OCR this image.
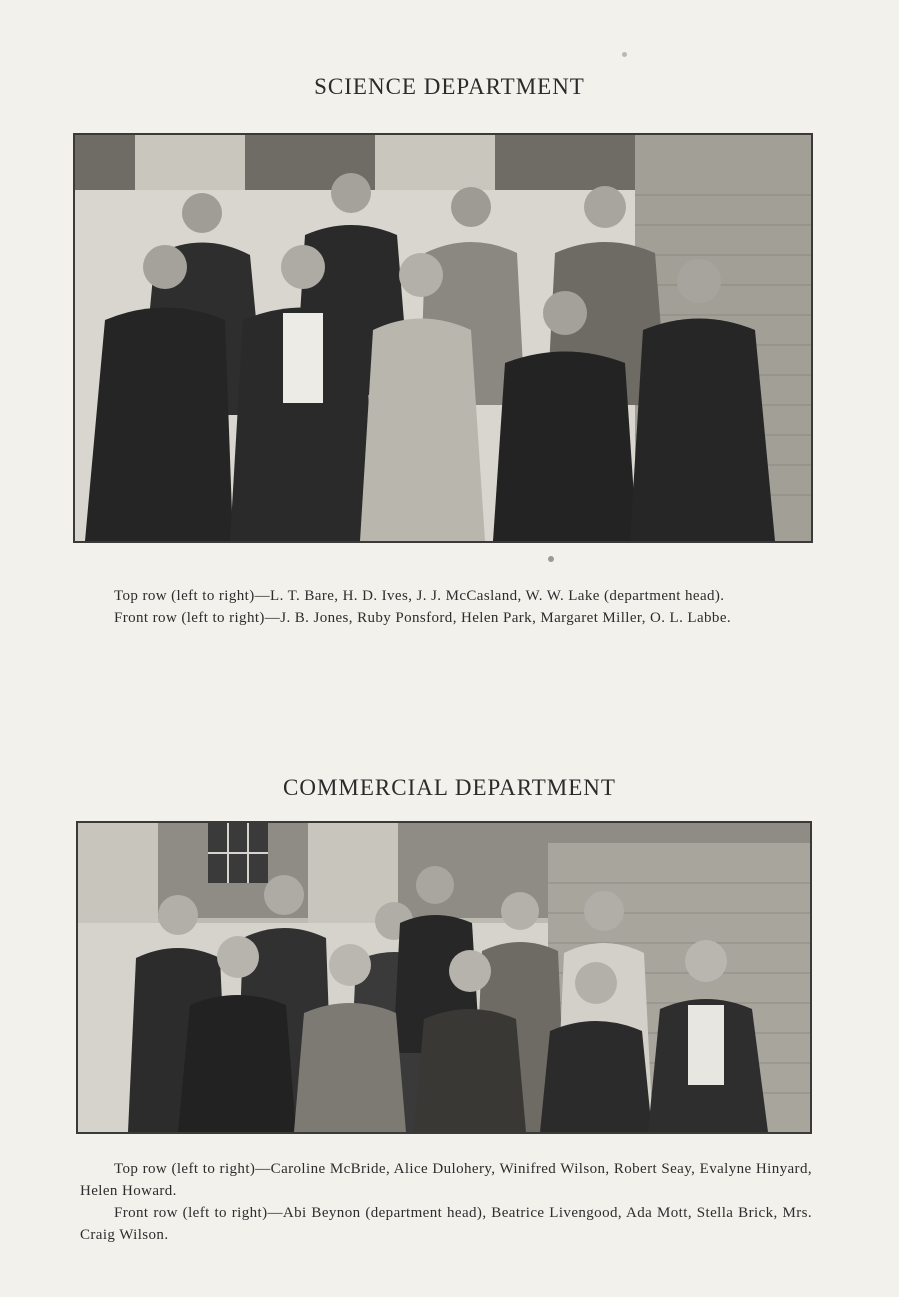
SCIENCE DEPARTMENT

Top row (left to right)—L. T. Bare, H. D. Ives, J. J. McCasland, W. W. Lake (department head).

Front row (left to right)—J. B. Jones, Ruby Ponsford, Helen Park, Margaret Miller, O. L. Labbe.

COMMERCIAL DEPARTMENT

Top row (left to right)—Caroline McBride, Alice Dulohery, Winifred Wilson, Robert Seay, Evalyne Hinyard, Helen Howard.

Front row (left to right)—Abi Beynon (department head), Beatrice Livengood, Ada Mott, Stella Brick, Mrs. Craig Wilson.
